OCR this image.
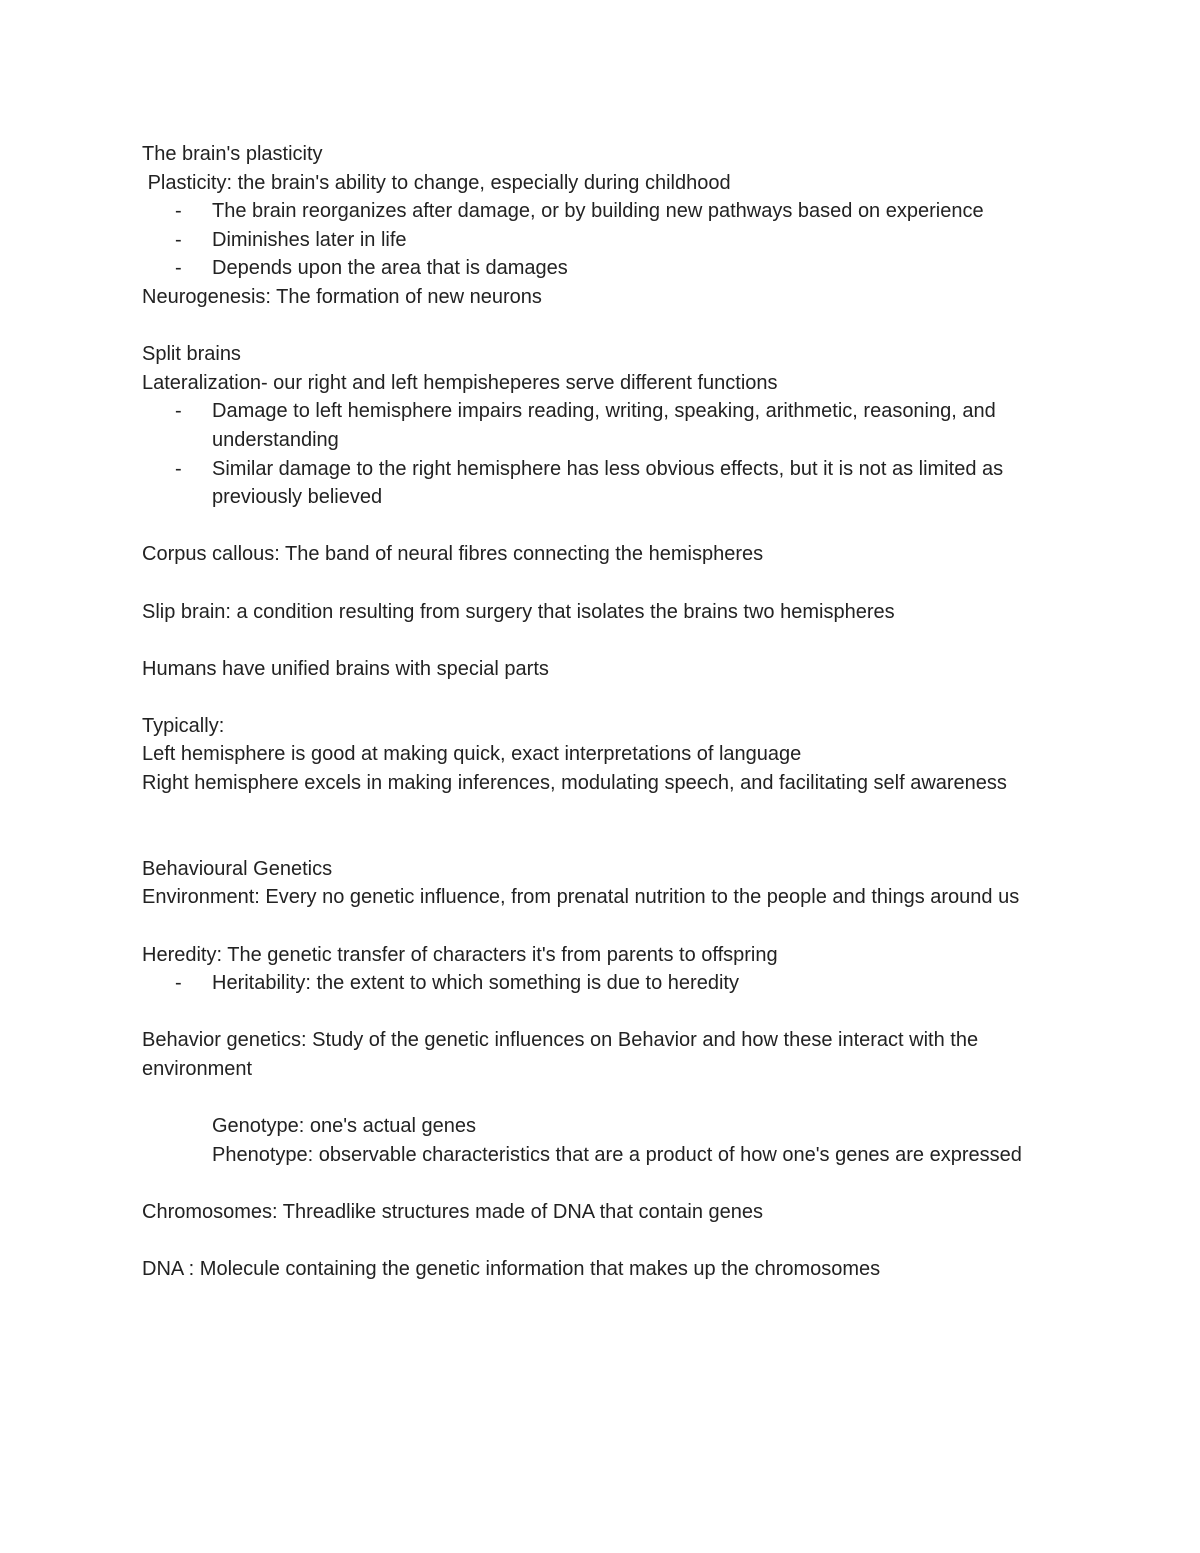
The brain's plasticity

Plasticity: the brain's ability to change, especially during childhood

- The brain reorganizes after damage, or by building new pathways based on experience
- Diminishes later in life
- Depends upon the area that is damages

Neurogenesis: The formation of new neurons

Split brains

Lateralization- our right and left hempisheperes serve different functions

- Damage to left hemisphere impairs reading, writing, speaking, arithmetic, reasoning, and understanding
- Similar damage to the right hemisphere has less obvious effects, but it is not as limited as previously believed

Corpus callous: The band of neural fibres connecting the hemispheres

Slip brain: a condition resulting from surgery that isolates the brains two hemispheres

Humans have unified brains with special parts

Typically:

Left hemisphere is good at making quick, exact interpretations of language

Right hemisphere excels in making inferences, modulating speech, and facilitating self awareness

Behavioural Genetics

Environment: Every no genetic influence, from prenatal nutrition to the people and things around us

Heredity: The genetic transfer of characters it's from parents to offspring

- Heritability: the extent to which something is due to heredity

Behavior genetics: Study of the genetic influences on Behavior and how these interact with the environment

Genotype: one's actual genes

Phenotype: observable characteristics that are a product of how one's genes are expressed

Chromosomes: Threadlike structures made of DNA that contain genes

DNA : Molecule containing the genetic information that makes up the chromosomes
